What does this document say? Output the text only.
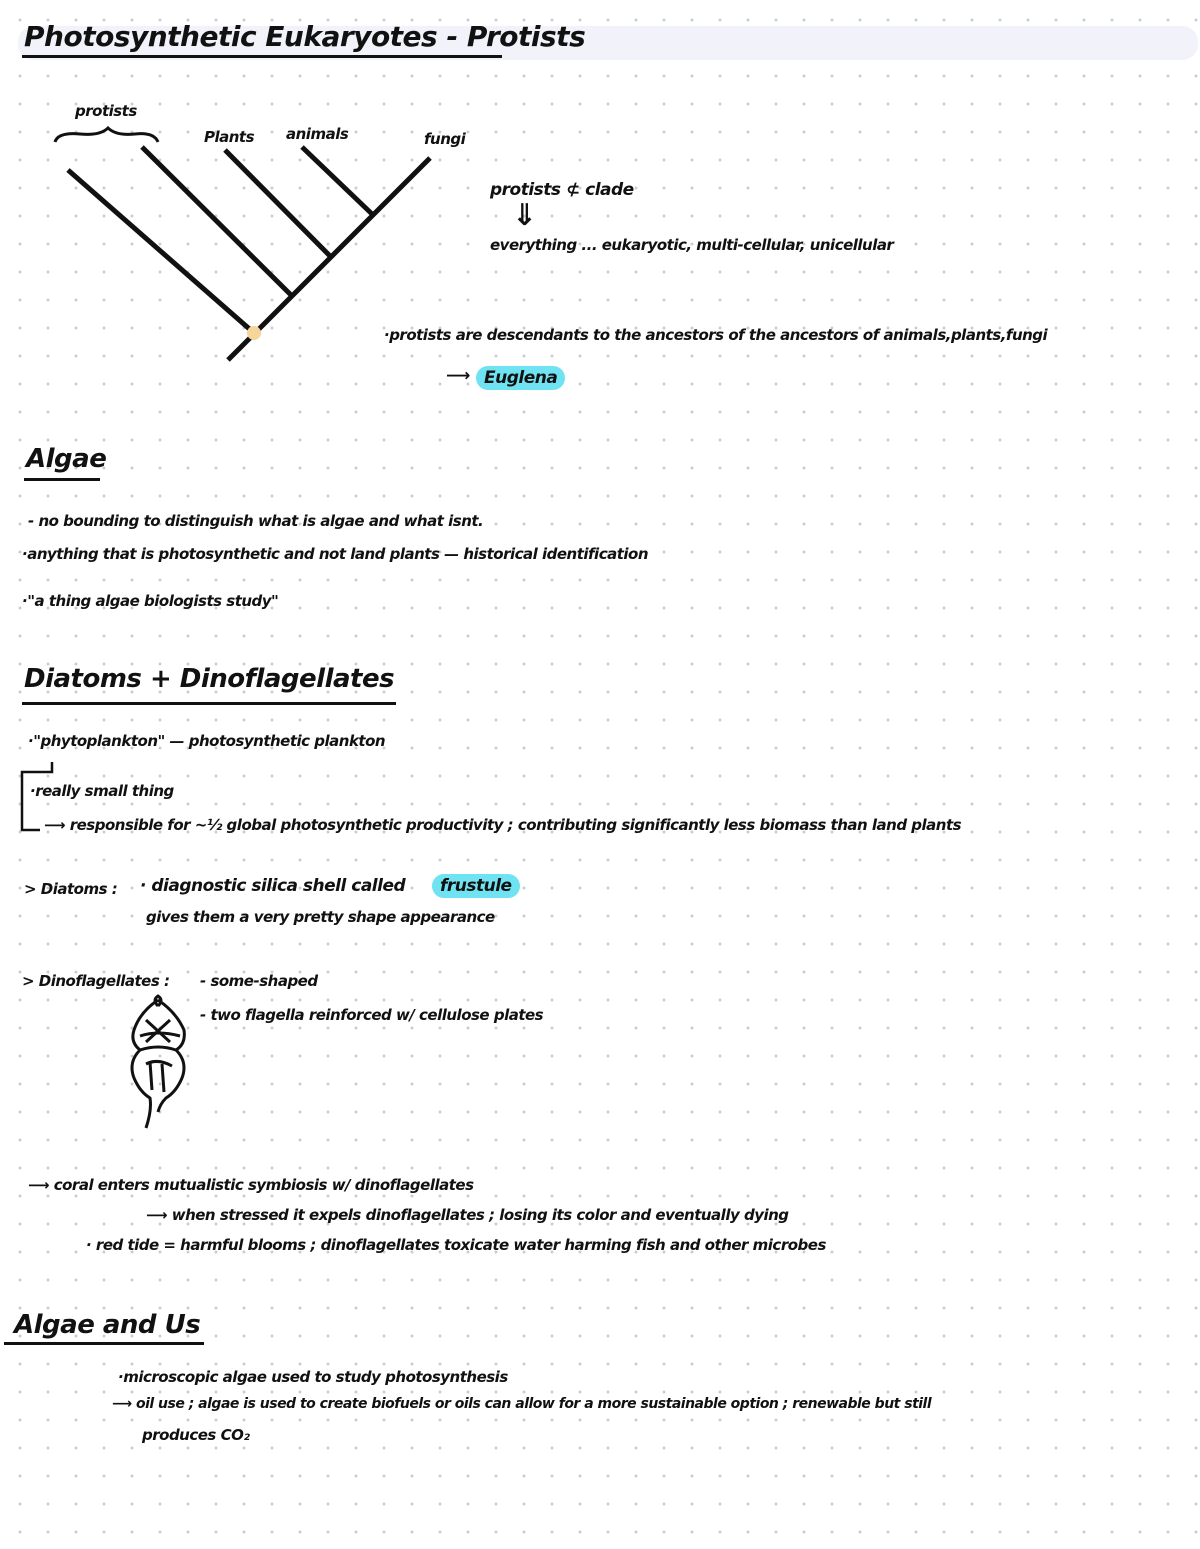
Photosynthetic Eukaryotes - Protists
protists
Plants animals	fungi
protists ⊄ clade
⇓
everything ... eukaryotic, multi-cellular, unicellular
·protists are descendants to the ancestors of the ancestors of animals,plants,fungi
⟶ Euglena
Algae
- no bounding to distinguish what is algae and what isnt.
·anything that is photosynthetic and not land plants — historical identification
·"a thing algae biologists study"
Diatoms + Dinoflagellates
·"phytoplankton" — photosynthetic plankton
·really small thing
⟶ responsible for ~½ global photosynthetic productivity ; contributing significantly less biomass than land plants
> Diatoms : · diagnostic silica shell called	frustule
gives them a very pretty shape appearance
> Dinoflagellates : - some-shaped
- two flagella reinforced w/ cellulose plates
⟶ coral enters mutualistic symbiosis w/ dinoflagellates
⟶ when stressed it expels dinoflagellates ; losing its color and eventually dying
· red tide = harmful blooms ; dinoflagellates toxicate water harming fish and other microbes
Algae and Us
·microscopic algae used to study photosynthesis
⟶ oil use ; algae is used to create biofuels or oils can allow for a more sustainable option ; renewable but still
produces CO₂
